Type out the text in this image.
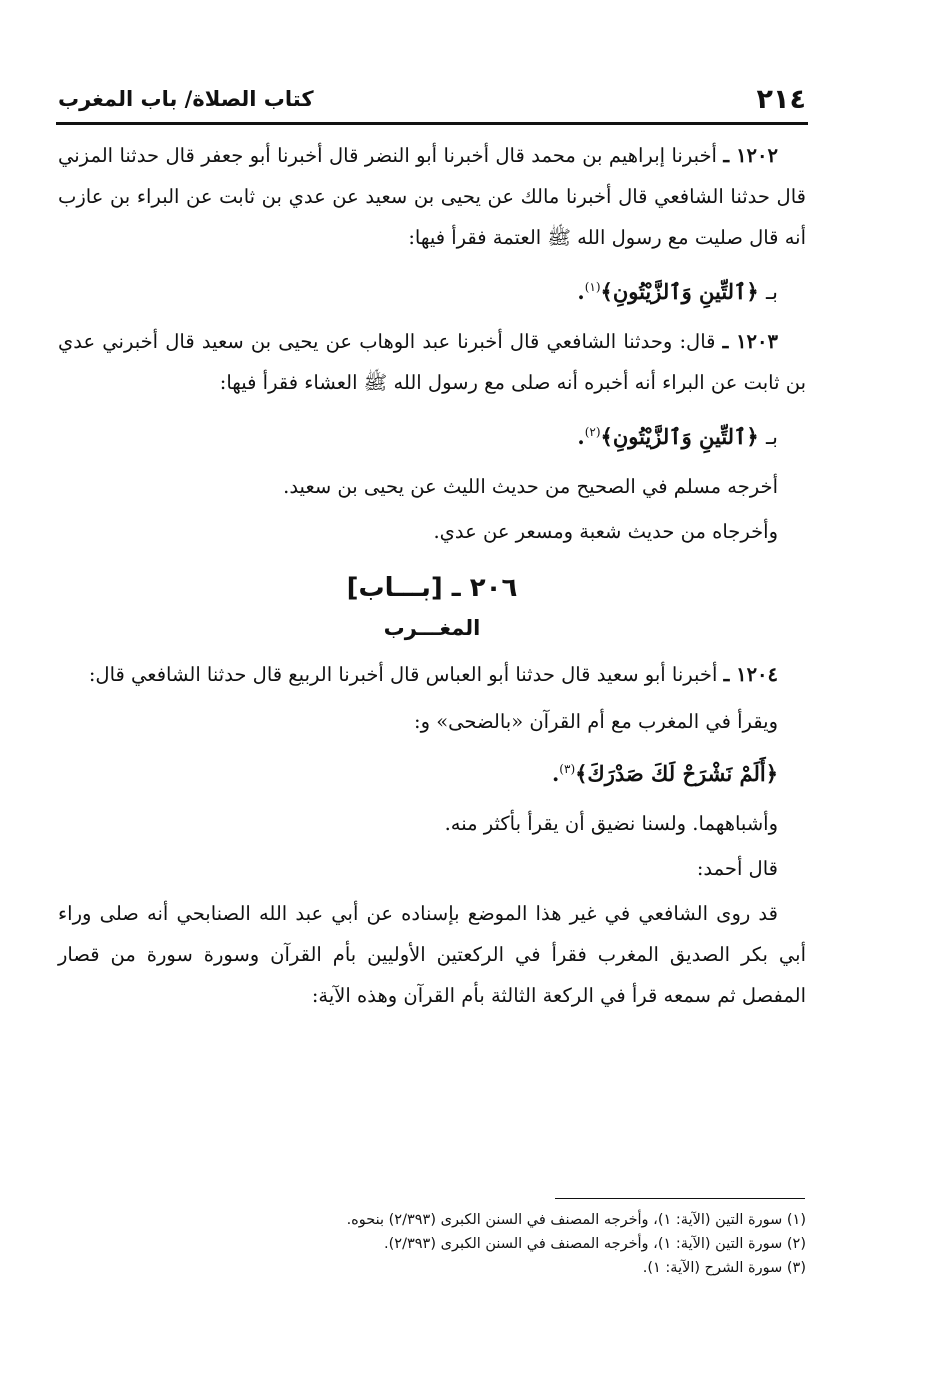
٢١٤
كتاب الصلاة/ باب المغرب

١٢٠٢ ـ أخبرنا إبراهيم بن محمد قال أخبرنا أبو النضر قال أخبرنا أبو جعفر قال حدثنا المزني قال حدثنا الشافعي قال أخبرنا مالك عن يحيى بن سعيد عن عدي بن ثابت عن البراء بن عازب أنه قال صليت مع رسول الله ﷺ العتمة فقرأ فيها:

بـ ﴿ٱلتِّينِ وَٱلزَّيْتُونِ﴾$^{(١)}$.

١٢٠٣ ـ قال: وحدثنا الشافعي قال أخبرنا عبد الوهاب عن يحيى بن سعيد قال أخبرني عدي بن ثابت عن البراء أنه أخبره أنه صلى مع رسول الله ﷺ العشاء فقرأ فيها:

بـ ﴿ٱلتِّينِ وَٱلزَّيْتُونِ﴾$^{(٢)}$.

أخرجه مسلم في الصحيح من حديث الليث عن يحيى بن سعيد.

وأخرجاه من حديث شعبة ومسعر عن عدي.

٢٠٦ ـ [بـــاب]
المغـــرب

١٢٠٤ ـ أخبرنا أبو سعيد قال حدثنا أبو العباس قال أخبرنا الربيع قال حدثنا الشافعي قال:

ويقرأ في المغرب مع أم القرآن «بالضحى» و:

﴿أَلَمْ نَشْرَحْ لَكَ صَدْرَكَ﴾$^{(٣)}$.

وأشباههما. ولسنا نضيق أن يقرأ بأكثر منه.

قال أحمد:

قد روى الشافعي في غير هذا الموضع بإسناده عن أبي عبد الله الصنابحي أنه صلى وراء أبي بكر الصديق المغرب فقرأ في الركعتين الأوليين بأم القرآن وسورة سورة من قصار المفصل ثم سمعه قرأ في الركعة الثالثة بأم القرآن وهذه الآية:

(١) سورة التين (الآية: ١)، وأخرجه المصنف في السنن الكبرى (٢/٣٩٣) بنحوه.

(٢) سورة التين (الآية: ١)، وأخرجه المصنف في السنن الكبرى (٢/٣٩٣).

(٣) سورة الشرح (الآية: ١).
